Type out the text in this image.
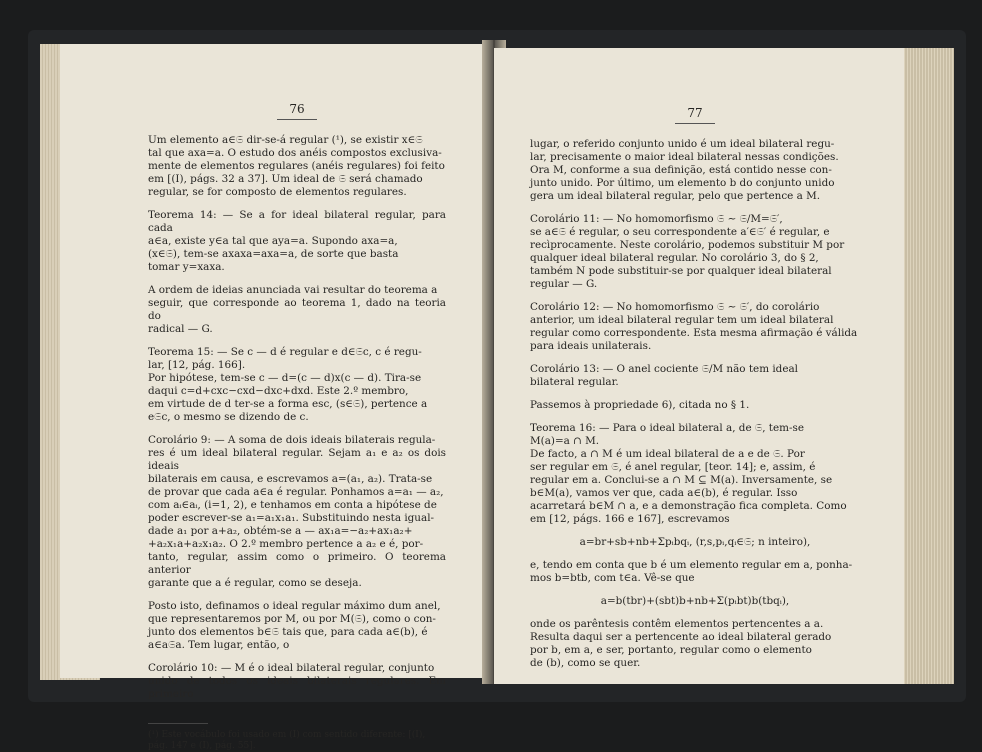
76

Um elemento a∈𝔖 dir-se-á regular (¹), se existir x∈𝔖
tal que axa=a. O estudo dos anéis compostos exclusiva-
mente de elementos regulares (anéis regulares) foi feito
em [(I), págs. 32 a 37]. Um ideal de 𝔖 será chamado
regular, se for composto de elementos regulares.

Teorema 14: — Se a for ideal bilateral regular, para cada
a∈a, existe y∈a tal que aya=a. Supondo axa=a,
(x∈𝔖), tem-se axaxa=axa=a, de sorte que basta
tomar y=xaxa.

A ordem de ideias anunciada vai resultar do teorema a
seguir, que corresponde ao teorema 1, dado na teoria do
radical — G.

Teorema 15: — Se c — d é regular e d∈𝔖c, c é regu-
lar, [12, pág. 166].
Por hipótese, tem-se c — d=(c — d)x(c — d). Tira-se
daqui c=d+cxc−cxd−dxc+dxd. Este 2.º membro,
em virtude de d ter-se a forma esc, (s∈𝔖), pertence a
e𝔖c, o mesmo se dizendo de c.

Corolário 9: — A soma de dois ideais bilaterais regula-
res é um ideal bilateral regular. Sejam a₁ e a₂ os dois ideais
bilaterais em causa, e escrevamos a=(a₁, a₂). Trata-se
de provar que cada a∈a é regular. Ponhamos a=a₁ — a₂,
com aᵢ∈aᵢ, (i=1, 2), e tenhamos em conta a hipótese de
poder escrever-se a₁=a₁x₁a₁. Substituindo nesta igual-
dade a₁ por a+a₂, obtém-se a — ax₁a=−a₂+ax₁a₂+
+a₂x₁a+a₂x₁a₂. O 2.º membro pertence a a₂ e é, por-
tanto, regular, assim como o primeiro. O teorema anterior
garante que a é regular, como se deseja.

Posto isto, definamos o ideal regular máximo dum anel,
que representaremos por M, ou por M(𝔖), como o con-
junto dos elementos b∈𝔖 tais que, para cada a∈(b), é
a∈a𝔖a. Tem lugar, então, o

Corolário 10: — M é o ideal bilateral regular, conjunto
unido de todos os ideais bilaterais regulares. Em primeiro

(¹) Este vocábulo foi usado em (I) com sentido diferente: [(I),
pág. 147 e (I), pág. 55].
77

lugar, o referido conjunto unido é um ideal bilateral regu-
lar, precisamente o maior ideal bilateral nessas condições.
Ora M, conforme a sua definição, está contido nesse con-
junto unido. Por último, um elemento b do conjunto unido
gera um ideal bilateral regular, pelo que pertence a M.

Corolário 11: — No homomorfismo 𝔖 ∼ 𝔖/M=𝔖′,
se a∈𝔖 é regular, o seu correspondente a′∈𝔖′ é regular, e
recìprocamente. Neste corolário, podemos substituir M por
qualquer ideal bilateral regular. No corolário 3, do § 2,
também N pode substituir-se por qualquer ideal bilateral
regular — G.

Corolário 12: — No homomorfismo 𝔖 ∼ 𝔖′, do corolário
anterior, um ideal bilateral regular tem um ideal bilateral
regular como correspondente. Esta mesma afirmação é válida
para ideais unilaterais.

Corolário 13: — O anel cociente 𝔖/M não tem ideal
bilateral regular.

Passemos à propriedade 6), citada no § 1.

Teorema 16: — Para o ideal bilateral a, de 𝔖, tem-se
M(a)=a ∩ M.
De facto, a ∩ M é um ideal bilateral de a e de 𝔖. Por
ser regular em 𝔖, é anel regular, [teor. 14]; e, assim, é
regular em a. Conclui-se a ∩ M ⊆ M(a). Inversamente, se
b∈M(a), vamos ver que, cada a∈(b), é regular. Isso
acarretará b∈M ∩ a, e a demonstração fica completa. Como
em [12, págs. 166 e 167], escrevamos

a=br+sb+nb+Σpᵢbqᵢ, (r,s,pᵢ,qᵢ∈𝔖; n inteiro),

e, tendo em conta que b é um elemento regular em a, ponha-
mos b=btb, com t∈a. Vê-se que

a=b(tbr)+(sbt)b+nb+Σ(pᵢbt)b(tbqᵢ),

onde os parêntesis contêm elementos pertencentes a a.
Resulta daqui ser a pertencente ao ideal bilateral gerado
por b, em a, e ser, portanto, regular como o elemento
de (b), como se quer.
